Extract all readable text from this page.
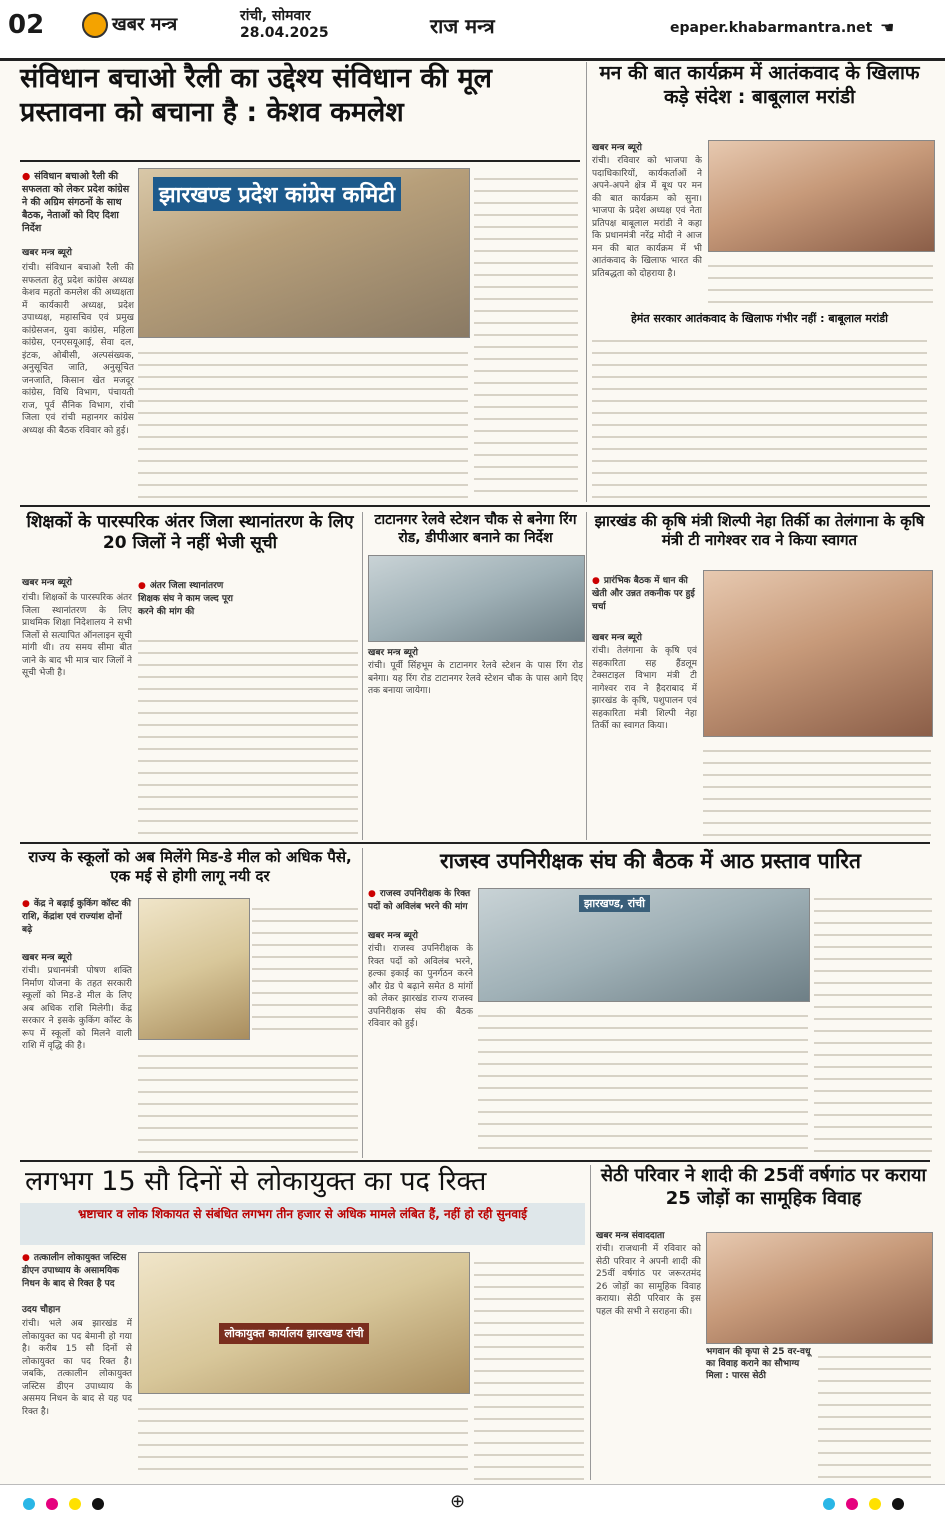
02	खबर मन्त्र	रांची, सोमवार
28.04.2025	राज मन्त्र	epaper.khabarmantra.net ☚
संविधान बचाओ रैली का उद्देश्य संविधान की मूल प्रस्तावना को बचाना है : केशव कमलेश
● संविधान बचाओ रैली की सफलता को लेकर प्रदेश कांग्रेस ने की अग्रिम संगठनों के साथ बैठक, नेताओं को दिए दिशा निर्देश
खबर मन्त्र ब्यूरो
रांची। संविधान बचाओ रैली की सफलता हेतु प्रदेश कांग्रेस अध्यक्ष केशव महतो कमलेश की अध्यक्षता में कार्यकारी अध्यक्ष, प्रदेश उपाध्यक्ष, महासचिव एवं प्रमुख कांग्रेसजन, युवा कांग्रेस, महिला कांग्रेस, एनएसयूआई, सेवा दल, इंटक, ओबीसी, अल्पसंख्यक, अनुसूचित जाति, अनुसूचित जनजाति, किसान खेत मजदूर कांग्रेस, विधि विभाग, पंचायती राज, पूर्व सैनिक विभाग, रांची जिला एवं रांची महानगर कांग्रेस अध्यक्ष की बैठक रविवार को हुई।
झारखण्ड प्रदेश कांग्रेस कमिटी
मन की बात कार्यक्रम में आतंकवाद के खिलाफ कड़े संदेश : बाबूलाल मरांडी
खबर मन्त्र ब्यूरो
रांची। रविवार को भाजपा के पदाधिकारियों, कार्यकर्ताओं ने अपने-अपने क्षेत्र में बूथ पर मन की बात कार्यक्रम को सुना। भाजपा के प्रदेश अध्यक्ष एवं नेता प्रतिपक्ष बाबूलाल मरांडी ने कहा कि प्रधानमंत्री नरेंद्र मोदी ने आज मन की बात कार्यक्रम में भी आतंकवाद के खिलाफ भारत की प्रतिबद्धता को दोहराया है।
हेमंत सरकार आतंकवाद के खिलाफ गंभीर नहीं : बाबूलाल मरांडी
शिक्षकों के पारस्परिक अंतर जिला स्थानांतरण के लिए 20 जिलों ने नहीं भेजी सूची
खबर मन्त्र ब्यूरो
●	अंतर जिला स्थानांतरण शिक्षक संघ ने काम जल्द पूरा करने की मांग की
रांची। शिक्षकों के पारस्परिक अंतर जिला स्थानांतरण के लिए प्राथमिक शिक्षा निदेशालय ने सभी जिलों से सत्यापित ऑनलाइन सूची मांगी थी। तय समय सीमा बीत जाने के बाद भी मात्र चार जिलों ने सूची भेजी है।
टाटानगर रेलवे स्टेशन चौक से बनेगा रिंग रोड, डीपीआर बनाने का निर्देश
खबर मन्त्र ब्यूरो
रांची। पूर्वी सिंहभूम के टाटानगर रेलवे स्टेशन के पास रिंग रोड बनेगा। यह रिंग रोड टाटानगर रेलवे स्टेशन चौक के पास आगे दिए तक बनाया जायेगा।
झारखंड की कृषि मंत्री शिल्पी नेहा तिर्की का तेलंगाना के कृषि मंत्री टी नागेश्वर राव ने किया स्वागत
● प्रारंभिक बैठक में धान की खेती और उन्नत तकनीक पर हुई चर्चा
खबर मन्त्र ब्यूरो
रांची। तेलंगाना के कृषि एवं सहकारिता सह हैंडलूम टेक्सटाइल विभाग मंत्री टी नागेश्वर राव ने हैदराबाद में झारखंड के कृषि, पशुपालन एवं सहकारिता मंत्री शिल्पी नेहा तिर्की का स्वागत किया।
राज्य के स्कूलों को अब मिलेंगे मिड-डे मील को अधिक पैसे, एक मई से होगी लागू नयी दर
● केंद्र ने बढ़ाई कुकिंग कॉस्ट की राशि, केंद्रांश एवं राज्यांश दोनों बढ़े
खबर मन्त्र ब्यूरो
रांची। प्रधानमंत्री पोषण शक्ति निर्माण योजना के तहत सरकारी स्कूलों को मिड-डे मील के लिए अब अधिक राशि मिलेगी। केंद्र सरकार ने इसके कुकिंग कॉस्ट के रूप में स्कूलों को मिलने वाली राशि में वृद्धि की है।
राजस्व उपनिरीक्षक संघ की बैठक में आठ प्रस्ताव पारित
● राजस्व उपनिरीक्षक के रिक्त पदों को अविलंब भरने की मांग
खबर मन्त्र ब्यूरो
रांची। राजस्व उपनिरीक्षक के रिक्त पदों को अविलंब भरने, हल्का इकाई का पुनर्गठन करने और ग्रेड पे बढ़ाने समेत 8 मांगों को लेकर झारखंड राज्य राजस्व उपनिरीक्षक संघ की बैठक रविवार को हुई।
झारखण्ड, रांची
लगभग 15 सौ दिनों से लोकायुक्त का पद रिक्त
भ्रष्टाचार व लोक शिकायत से संबंधित लगभग तीन हजार से अधिक मामले लंबित हैं, नहीं हो रही सुनवाई
● तत्कालीन लोकायुक्त जस्टिस डीएन उपाध्याय के असामयिक निधन के बाद से रिक्त है पद
उदय चौहान
रांची। भले अब झारखंड में लोकायुक्त का पद बेमानी हो गया है। करीब 15 सौ दिनों से लोकायुक्त का पद रिक्त है। जबकि, तत्कालीन लोकायुक्त जस्टिस डीएन उपाध्याय के असमय निधन के बाद से यह पद रिक्त है।
लोकायुक्त कार्यालय झारखण्ड रांची
सेठी परिवार ने शादी की 25वीं वर्षगांठ पर कराया 25 जोड़ों का सामूहिक विवाह
खबर मन्त्र संवाददाता
रांची। राजधानी में रविवार को सेठी परिवार ने अपनी शादी की 25वीं वर्षगांठ पर जरूरतमंद 26 जोड़ों का सामूहिक विवाह कराया। सेठी परिवार के इस पहल की सभी ने सराहना की।
भगवान की कृपा से 25 वर-वधू का विवाह कराने का सौभाग्य मिला : पारस सेठी

⊕
